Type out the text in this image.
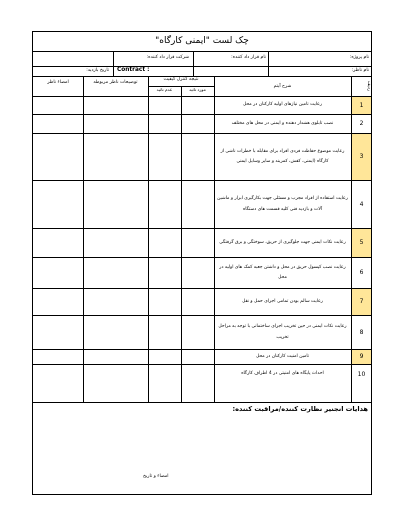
چک لست "ایمنی کارگاه"
نام پروژه:
نام قرار داد کننده:
شرکت قرار داد کننده:
نام ناظر:
Contract :
تاریخ بازدید:
نتیجه کنترل کیفیت
مورد تائید
عدم تائید
شرح آیتم	ردیف
توضیحات ناظر مربوطه
امضاء ناظر
هدایات انجنیر نظارت کننده/مراقبت کننده:
امضاء و تاریخ
1
رعایت تامین نیازهای اولیه کارکنان در محل
2
نصب تابلوی هشدار دهنده و ایمنی در محل های مختلف
3
رعایت موضوع حفاظت فردی افراد برای مقابله با خطرات ناشی از کارگاه (ایمنی، کفش، کمربند و سایر وسایل ایمنی
4
رعایت استفاده از افراد مجرب و مسئلی جهت بکارگیری ابزار و ماشین آلات و بازدید فنی کلیه قسمت های دستگاه
5
رعایت نکات ایمنی جهت جلوگیری از حریق، سوختگی و برق گرفتگی
6
رعایت نصب کپسول حریق در محل و داشتن جعبه کمک های اولیه در محل
7
رعایت سالم بودن تمامی اجزای حمل و نقل
8
رعایت نکات ایمنی در حین تخریب اجزای ساختمانی با توجه به مراحل تخریب
9
تامین امنیت کارکنان در محل
10
احداث پایگاه های امنیتی در 4 اطراف کارگاه
